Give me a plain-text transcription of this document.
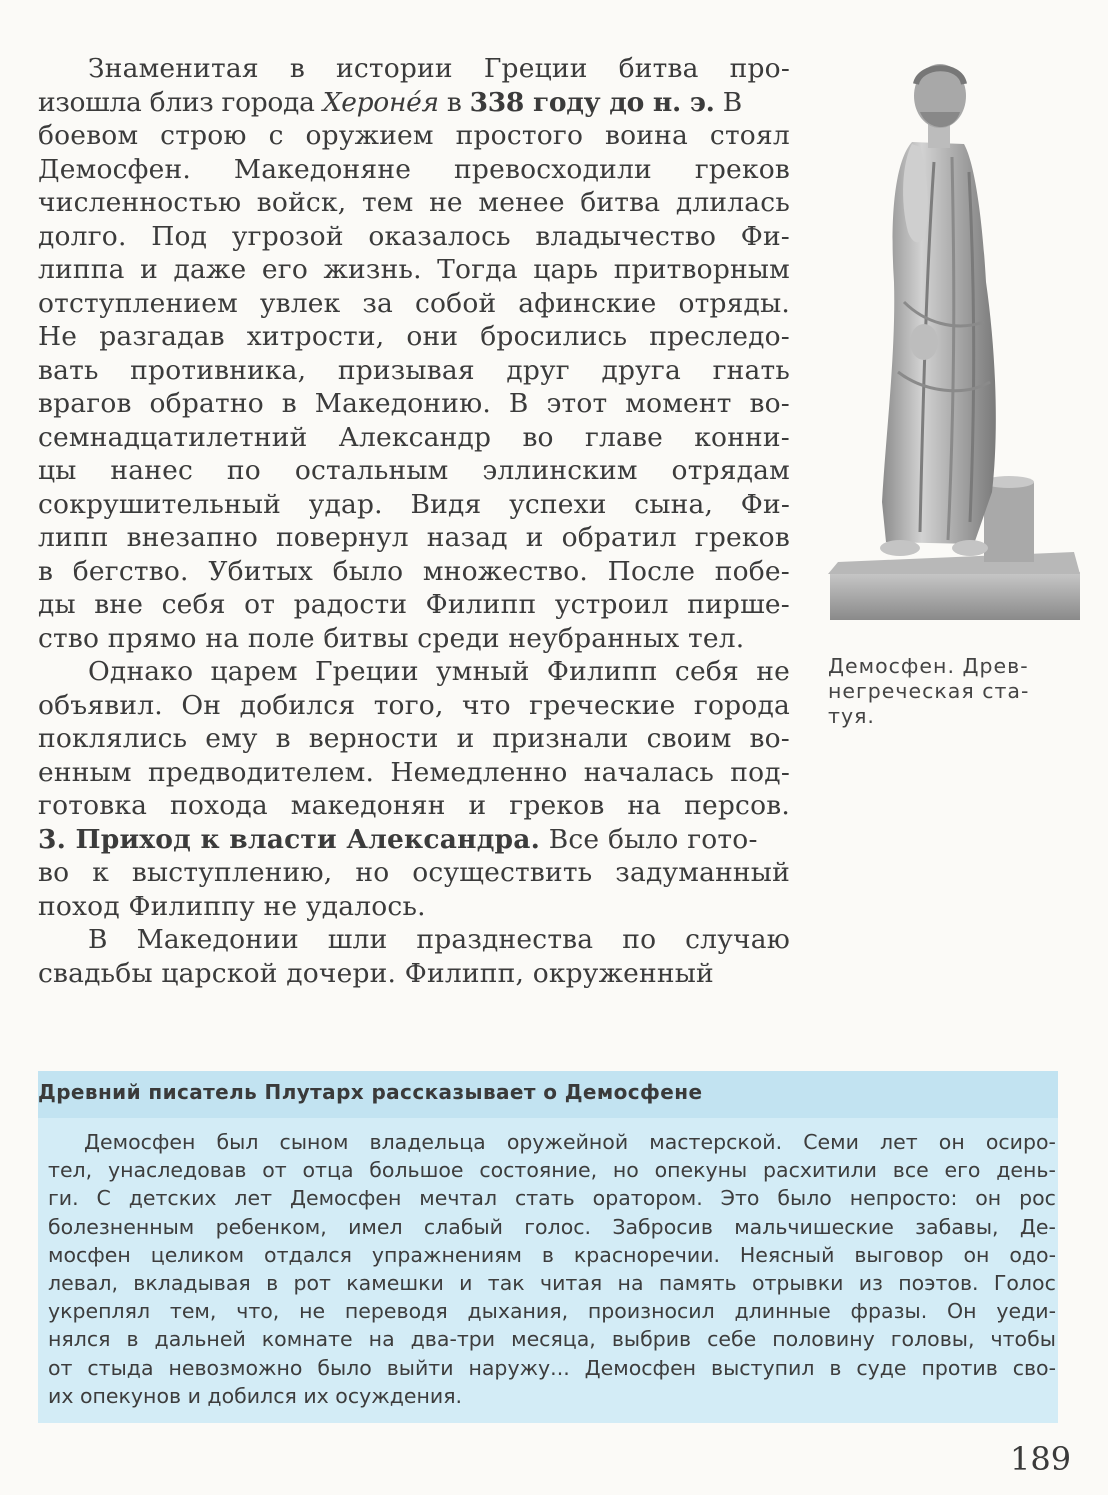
Знаменитая в истории Греции битва про-
изошла близ города Херонéя в 338 году до н. э. В
боевом строю с оружием простого воина стоял
Демосфен. Македоняне превосходили греков
численностью войск, тем не менее битва длилась
долго. Под угрозой оказалось владычество Фи-
липпа и даже его жизнь. Тогда царь притворным
отступлением увлек за собой афинские отряды.
Не разгадав хитрости, они бросились преследо-
вать противника, призывая друг друга гнать
врагов обратно в Македонию. В этот момент во-
семнадцатилетний Александр во главе конни-
цы нанес по остальным эллинским отрядам
сокрушительный удар. Видя успехи сына, Фи-
липп внезапно повернул назад и обратил греков
в бегство. Убитых было множество. После побе-
ды вне себя от радости Филипп устроил пирше-
ство прямо на поле битвы среди неубранных тел.
Однако царем Греции умный Филипп себя не
объявил. Он добился того, что греческие города
поклялись ему в верности и признали своим во-
енным предводителем. Немедленно началась под-
готовка похода македонян и греков на персов.
3. Приход к власти Александра. Все было гото-
во к выступлению, но осуществить задуманный
поход Филиппу не удалось.
В Македонии шли празднества по случаю
свадьбы царской дочери. Филипп, окруженный
Демосфен. Древ-
негреческая ста-
туя.
Древний писатель Плутарх рассказывает о Демосфене
Демосфен был сыном владельца оружейной мастерской. Семи лет он осиро-
тел, унаследовав от отца большое состояние, но опекуны расхитили все его день-
ги. С детских лет Демосфен мечтал стать оратором. Это было непросто: он рос
болезненным ребенком, имел слабый голос. Забросив мальчишеские забавы, Де-
мосфен целиком отдался упражнениям в красноречии. Неясный выговор он одо-
левал, вкладывая в рот камешки и так читая на память отрывки из поэтов. Голос
укреплял тем, что, не переводя дыхания, произносил длинные фразы. Он уеди-
нялся в дальней комнате на два-три месяца, выбрив себе половину головы, чтобы
от стыда невозможно было выйти наружу... Демосфен выступил в суде против сво-
их опекунов и добился их осуждения.
189
